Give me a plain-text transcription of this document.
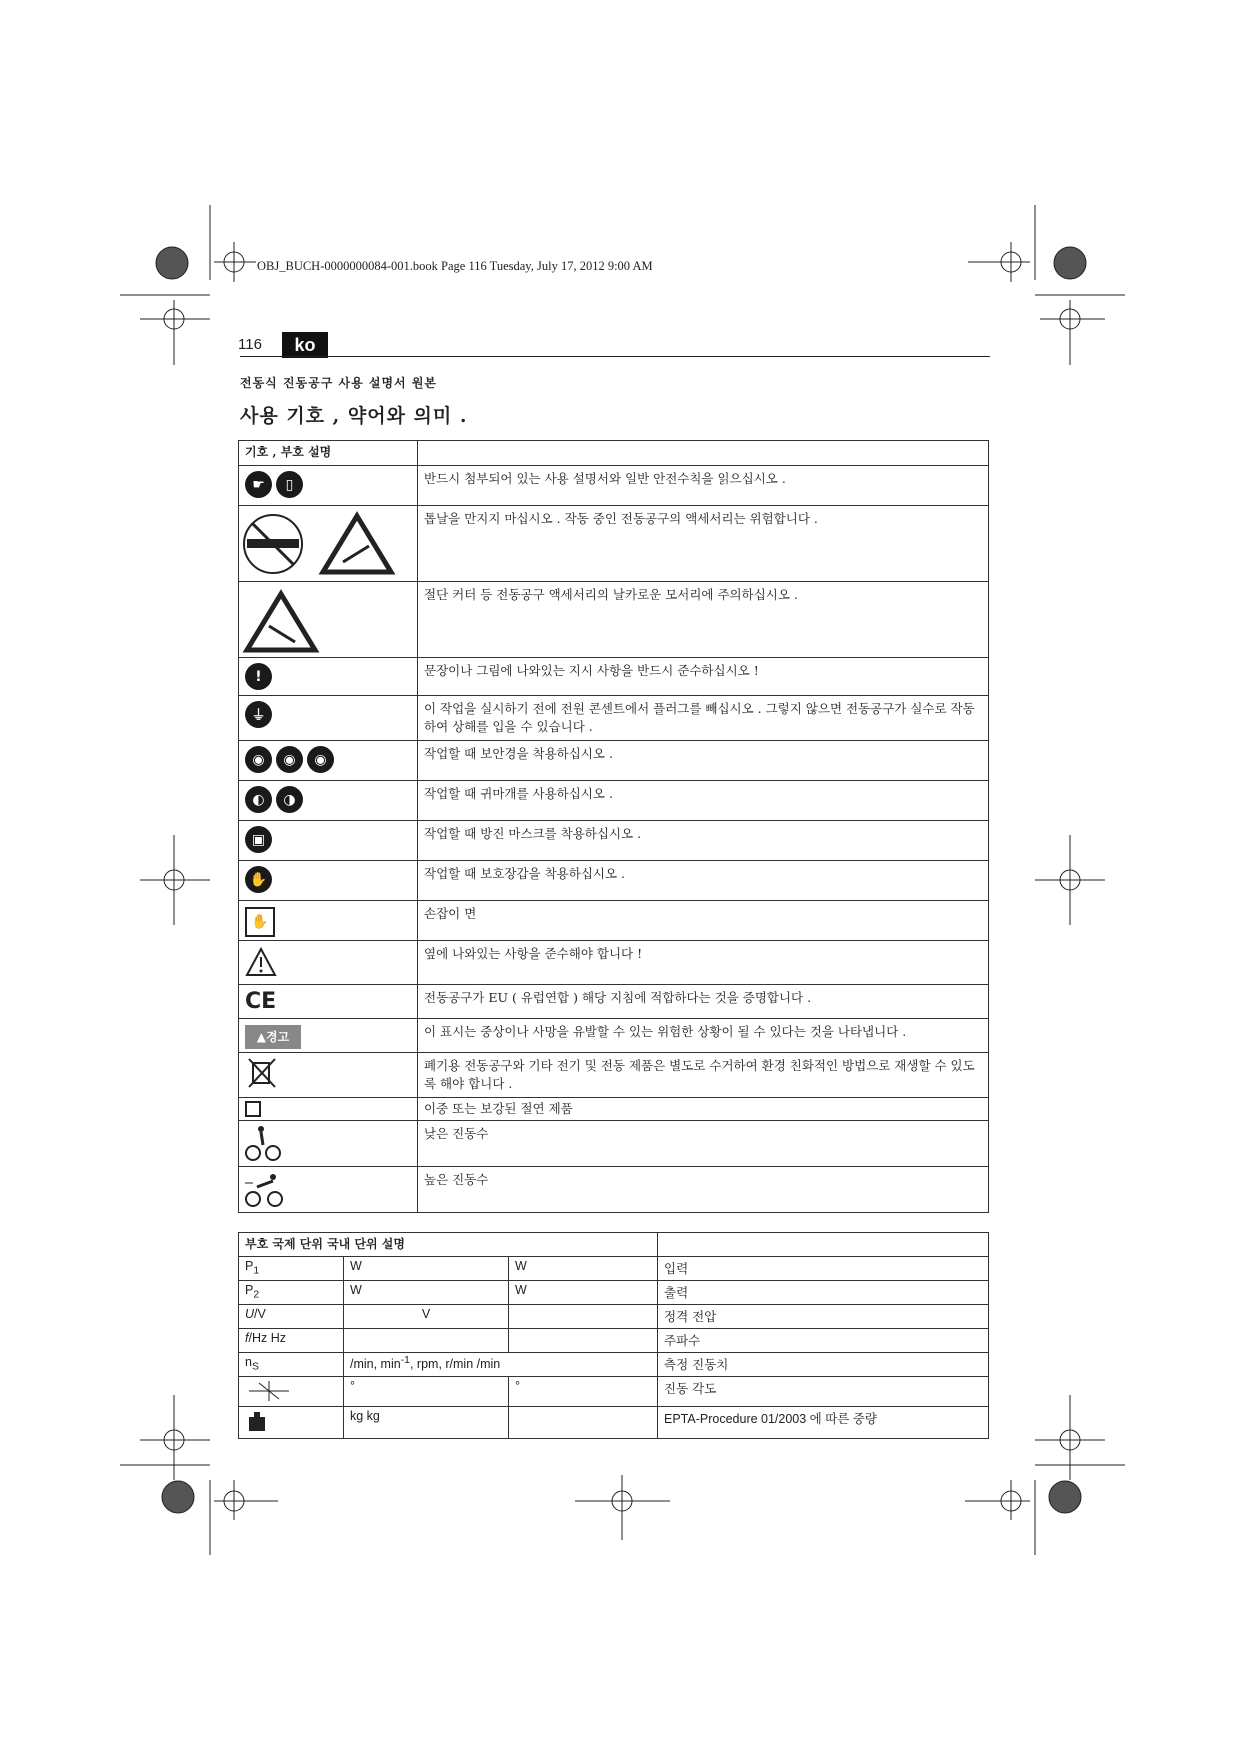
OBJ_BUCH-0000000084-001.book Page 116 Tuesday, July 17, 2012 9:00 AM
116	ko
전동식 진동공구 사용 설명서 원본
사용 기호 , 약어와 의미 .
기호 , 부호 설명	
☛ ▯	반드시 첨부되어 있는 사용 설명서와 일반 안전수칙을 읽으십시오 .
	톱날을 만지지 마십시오 . 작동 중인 전동공구의 액세서리는 위험합니다 .
	절단 커터 등 전동공구 액세서리의 날카로운 모서리에 주의하십시오 .
!	문장이나 그림에 나와있는 지시 사항을 반드시 준수하십시오 !
⏚	이 작업을 실시하기 전에 전원 콘센트에서 플러그를 빼십시오 . 그렇지 않으면 전동공구가 실수로 작동하여 상해를 입을 수 있습니다 .
◉ ◉ ◉	작업할 때 보안경을 착용하십시오 .
◐ ◑	작업할 때 귀마개를 사용하십시오 .
▣	작업할 때 방진 마스크를 착용하십시오 .
✋	작업할 때 보호장갑을 착용하십시오 .
✋	손잡이 면
	옆에 나와있는 사항을 준수해야 합니다 !
CE	전동공구가 EU ( 유럽연합 ) 해당 지침에 적합하다는 것을 증명합니다 .

▲경고	이 표시는 중상이나 사망을 유발할 수 있는 위험한 상황이 될 수 있다는 것을 나타냅니다 .
	폐기용 전동공구와 기타 전기 및 전동 제품은 별도로 수거하여 환경 친화적인 방법으로 재생할 수 있도록 해야 합니다 .
	이중 또는 보강된 절연 제품
	낮은 진동수
	높은 진동수
부호 국제 단위 국내 단위 설명			
$P_1$	W	W	입력
$P_2$	W	W	출력
U/V	V		정격 전압
f/Hz Hz			주파수
$n_S$	/min, $\min^{-1}$, rpm, r/min /min		측정 진동치
	°	°	진동 각도
	kg kg		EPTA-Procedure 01/2003 에 따른 중량
